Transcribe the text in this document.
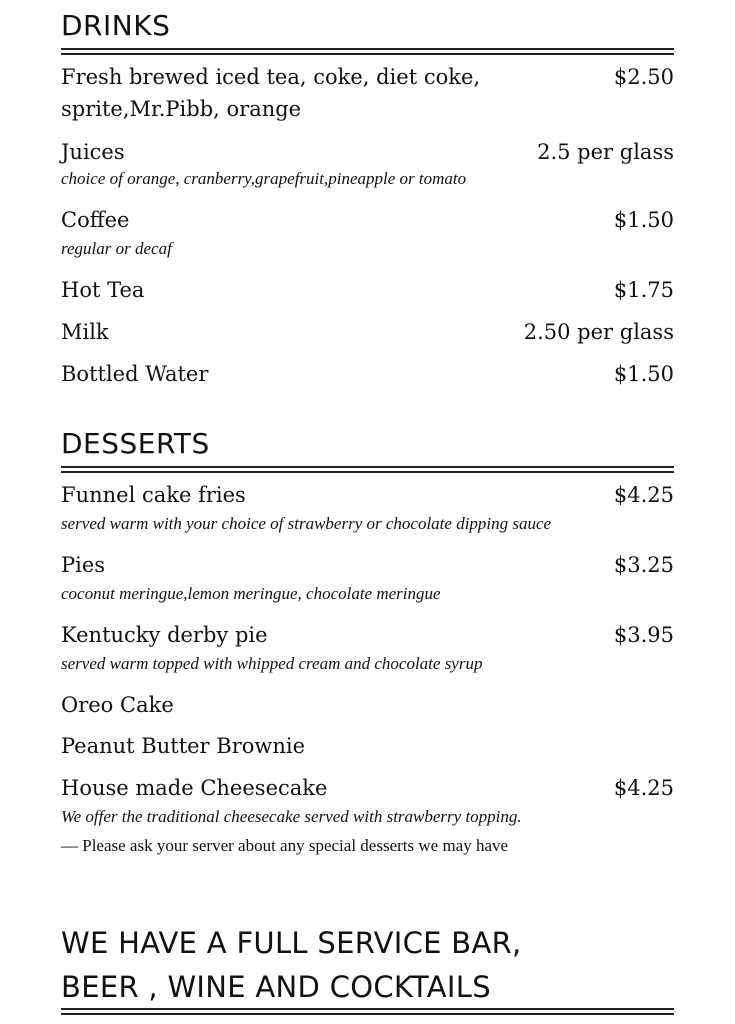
DRINKS
Fresh brewed iced tea, coke, diet coke,	$2.50
sprite,Mr.Pibb, orange
Juices	2.5 per glass
choice of orange, cranberry,grapefruit,pineapple or tomato
Coffee	$1.50
regular or decaf
Hot Tea	$1.75
Milk	2.50 per glass
Bottled Water	$1.50
DESSERTS
Funnel cake fries	$4.25
served warm with your choice of strawberry or chocolate dipping sauce
Pies	$3.25
coconut meringue,lemon meringue, chocolate meringue
Kentucky derby pie	$3.95
served warm topped with whipped cream and chocolate syrup
Oreo Cake
Peanut Butter Brownie
House made Cheesecake	$4.25
We offer the traditional cheesecake served with strawberry topping.
— Please ask your server about any special desserts we may have
WE HAVE A FULL SERVICE BAR,
BEER , WINE AND COCKTAILS
